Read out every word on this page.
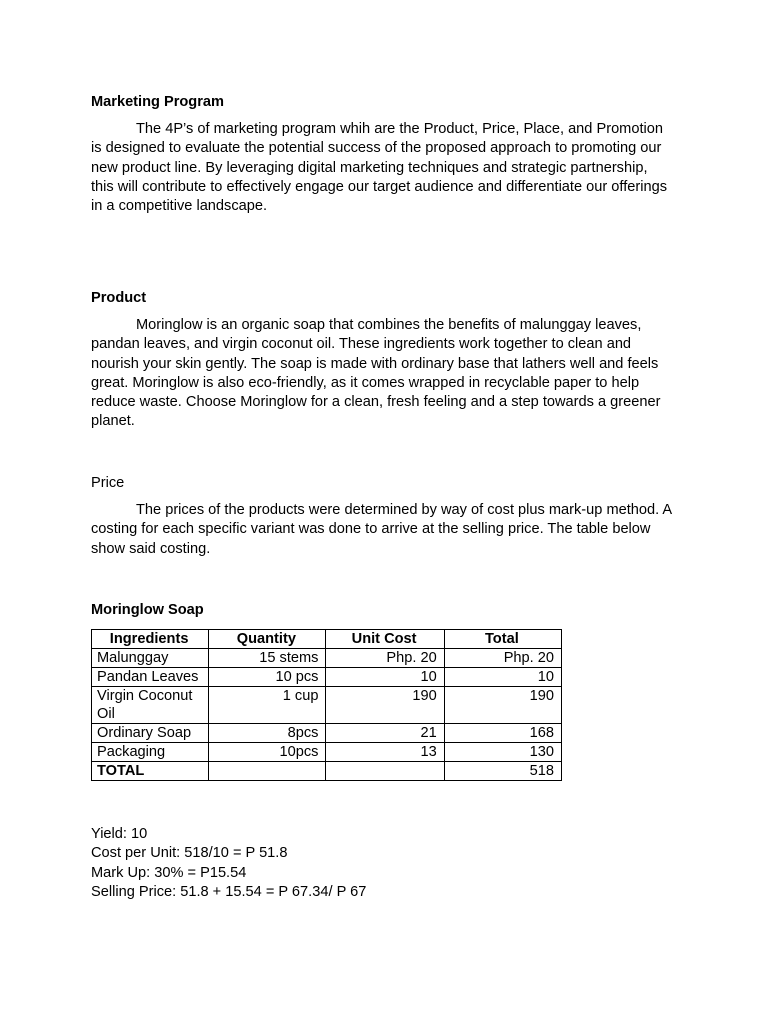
Marketing Program

The 4P’s of marketing program whih are the Product, Price, Place, and Promotion is designed to evaluate the potential success of the proposed approach to promoting our new product line. By leveraging digital marketing techniques and strategic partnership, this will contribute to effectively engage our target audience and differentiate our offerings in a competitive landscape.

Product

Moringlow is an organic soap that combines the benefits of malunggay leaves, pandan leaves, and virgin coconut oil. These ingredients work together to clean and nourish your skin gently. The soap is made with ordinary base that lathers well and feels great. Moringlow is also eco-friendly, as it comes wrapped in recyclable paper to help reduce waste. Choose Moringlow for a clean, fresh feeling and a step towards a greener planet.

Price

The prices of the products were determined by way of cost plus mark-up method. A costing for each specific variant was done to arrive at the selling price. The table below show said costing.

Moringlow Soap

Ingredients	Quantity	Unit Cost	Total
Malunggay	15 stems	Php. 20	Php. 20
Pandan Leaves	10 pcs	10	10
Virgin Coconut Oil	1 cup	190	190
Ordinary Soap	8pcs	21	168
Packaging	10pcs	13	130
TOTAL			518
Yield: 10
Cost per Unit: 518/10 = P 51.8
Mark Up: 30% = P15.54
Selling Price: 51.8 + 15.54 = P 67.34/ P 67
